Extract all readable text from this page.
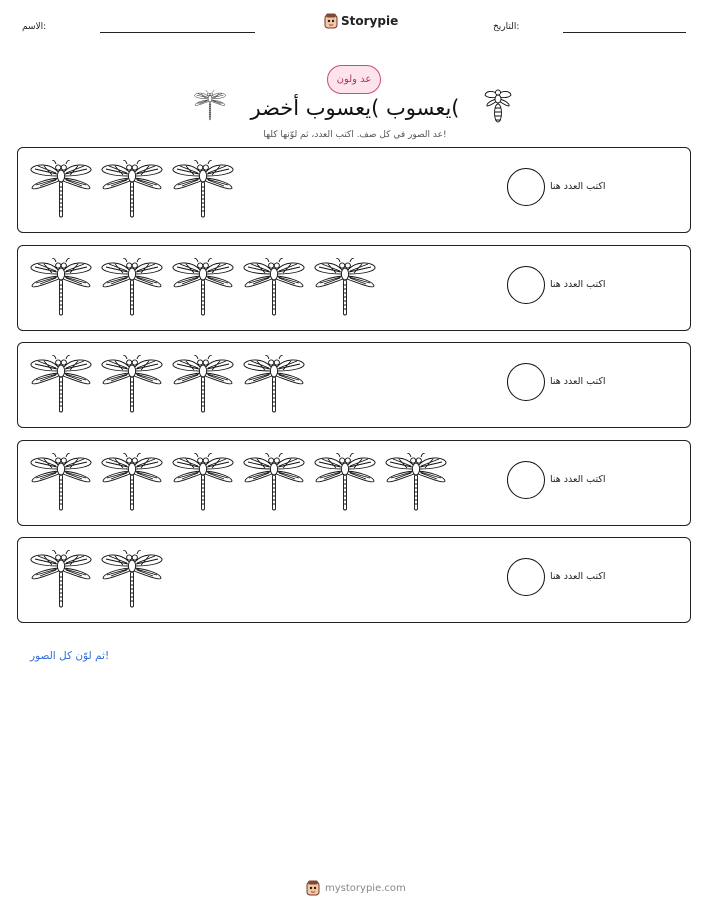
الاسم:	Storypie	التاريخ:
عد ولون
يعسوب )يعسوب أخضر(
عد الصور في كل صف. اكتب العدد، ثم لوّنها كلها!
اكتب العدد هنا
اكتب العدد هنا
اكتب العدد هنا
اكتب العدد هنا
اكتب العدد هنا
ثم لوّن كل الصور!
mystorypie.com
